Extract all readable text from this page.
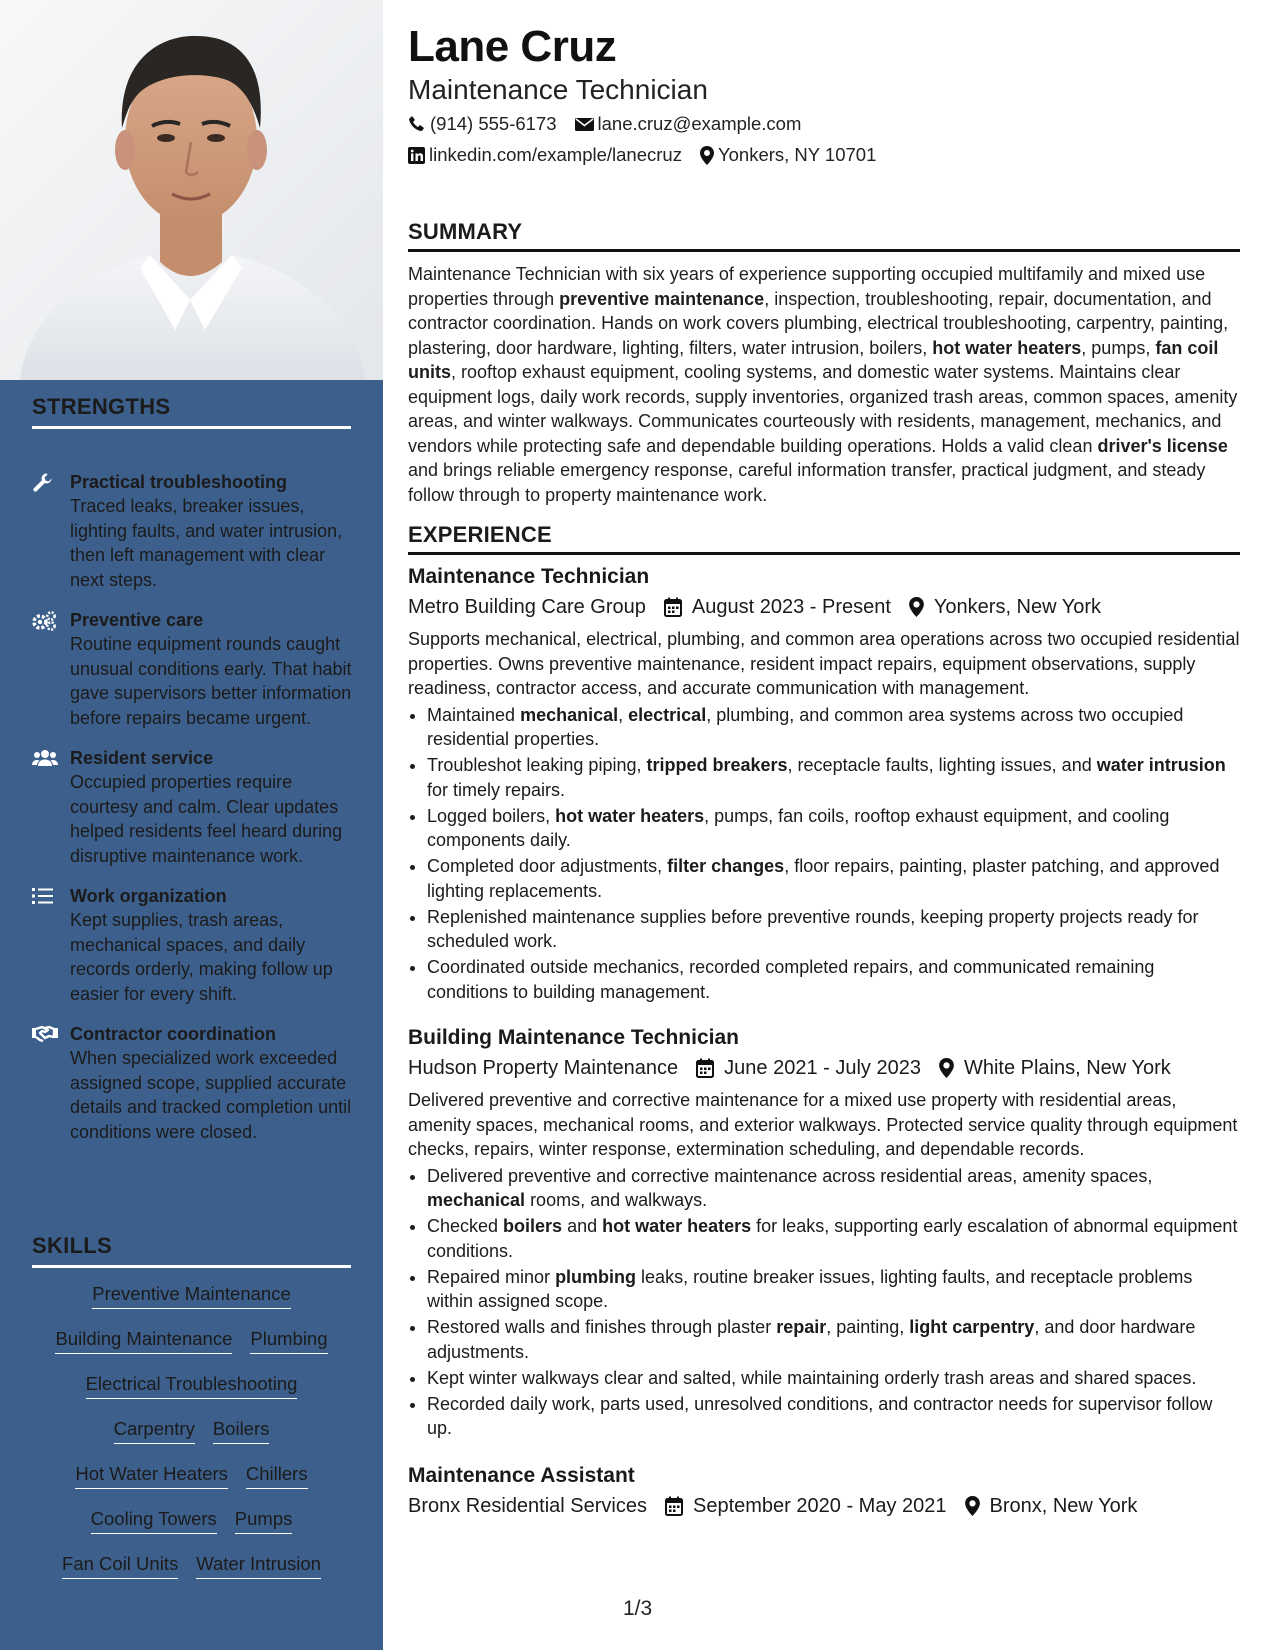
STRENGTHS
Practical troubleshooting
Traced leaks, breaker issues, lighting faults, and water intrusion, then left management with clear next steps.
Preventive care
Routine equipment rounds caught unusual conditions early. That habit gave supervisors better information before repairs became urgent.
Resident service
Occupied properties require courtesy and calm. Clear updates helped residents feel heard during disruptive maintenance work.
Work organization
Kept supplies, trash areas, mechanical spaces, and daily records orderly, making follow up easier for every shift.
Contractor coordination
When specialized work exceeded assigned scope, supplied accurate details and tracked completion until conditions were closed.
SKILLS
Preventive Maintenance
Building Maintenance Plumbing
Electrical Troubleshooting
Carpentry Boilers
Hot Water Heaters Chillers
Cooling Towers Pumps
Fan Coil Units Water Intrusion
Lane Cruz
Maintenance Technician
(914) 555-6173 lane.cruz@example.com
linkedin.com/example/lanecruz Yonkers, NY 10701
SUMMARY
Maintenance Technician with six years of experience supporting occupied multifamily and mixed use properties through preventive maintenance, inspection, troubleshooting, repair, documentation, and contractor coordination. Hands on work covers plumbing, electrical troubleshooting, carpentry, painting, plastering, door hardware, lighting, filters, water intrusion, boilers, hot water heaters, pumps, fan coil units, rooftop exhaust equipment, cooling systems, and domestic water systems. Maintains clear equipment logs, daily work records, supply inventories, organized trash areas, common spaces, amenity areas, and winter walkways. Communicates courteously with residents, management, mechanics, and vendors while protecting safe and dependable building operations. Holds a valid clean driver's license and brings reliable emergency response, careful information transfer, practical judgment, and steady follow through to property maintenance work.
EXPERIENCE
Maintenance Technician
Metro Building Care Group August 2023 - Present Yonkers, New York
Supports mechanical, electrical, plumbing, and common area operations across two occupied residential properties. Owns preventive maintenance, resident impact repairs, equipment observations, supply readiness, contractor access, and accurate communication with management.
• Maintained mechanical, electrical, plumbing, and common area systems across two occupied residential properties.
• Troubleshot leaking piping, tripped breakers, receptacle faults, lighting issues, and water intrusion for timely repairs.
• Logged boilers, hot water heaters, pumps, fan coils, rooftop exhaust equipment, and cooling components daily.
• Completed door adjustments, filter changes, floor repairs, painting, plaster patching, and approved lighting replacements.
• Replenished maintenance supplies before preventive rounds, keeping property projects ready for scheduled work.
• Coordinated outside mechanics, recorded completed repairs, and communicated remaining conditions to building management.
Building Maintenance Technician
Hudson Property Maintenance June 2021 - July 2023 White Plains, New York
Delivered preventive and corrective maintenance for a mixed use property with residential areas, amenity spaces, mechanical rooms, and exterior walkways. Protected service quality through equipment checks, repairs, winter response, extermination scheduling, and dependable records.
• Delivered preventive and corrective maintenance across residential areas, amenity spaces, mechanical rooms, and walkways.
• Checked boilers and hot water heaters for leaks, supporting early escalation of abnormal equipment conditions.
• Repaired minor plumbing leaks, routine breaker issues, lighting faults, and receptacle problems within assigned scope.
• Restored walls and finishes through plaster repair, painting, light carpentry, and door hardware adjustments.
• Kept winter walkways clear and salted, while maintaining orderly trash areas and shared spaces.
• Recorded daily work, parts used, unresolved conditions, and contractor needs for supervisor follow up.
Maintenance Assistant
Bronx Residential Services September 2020 - May 2021 Bronx, New York
1/3
